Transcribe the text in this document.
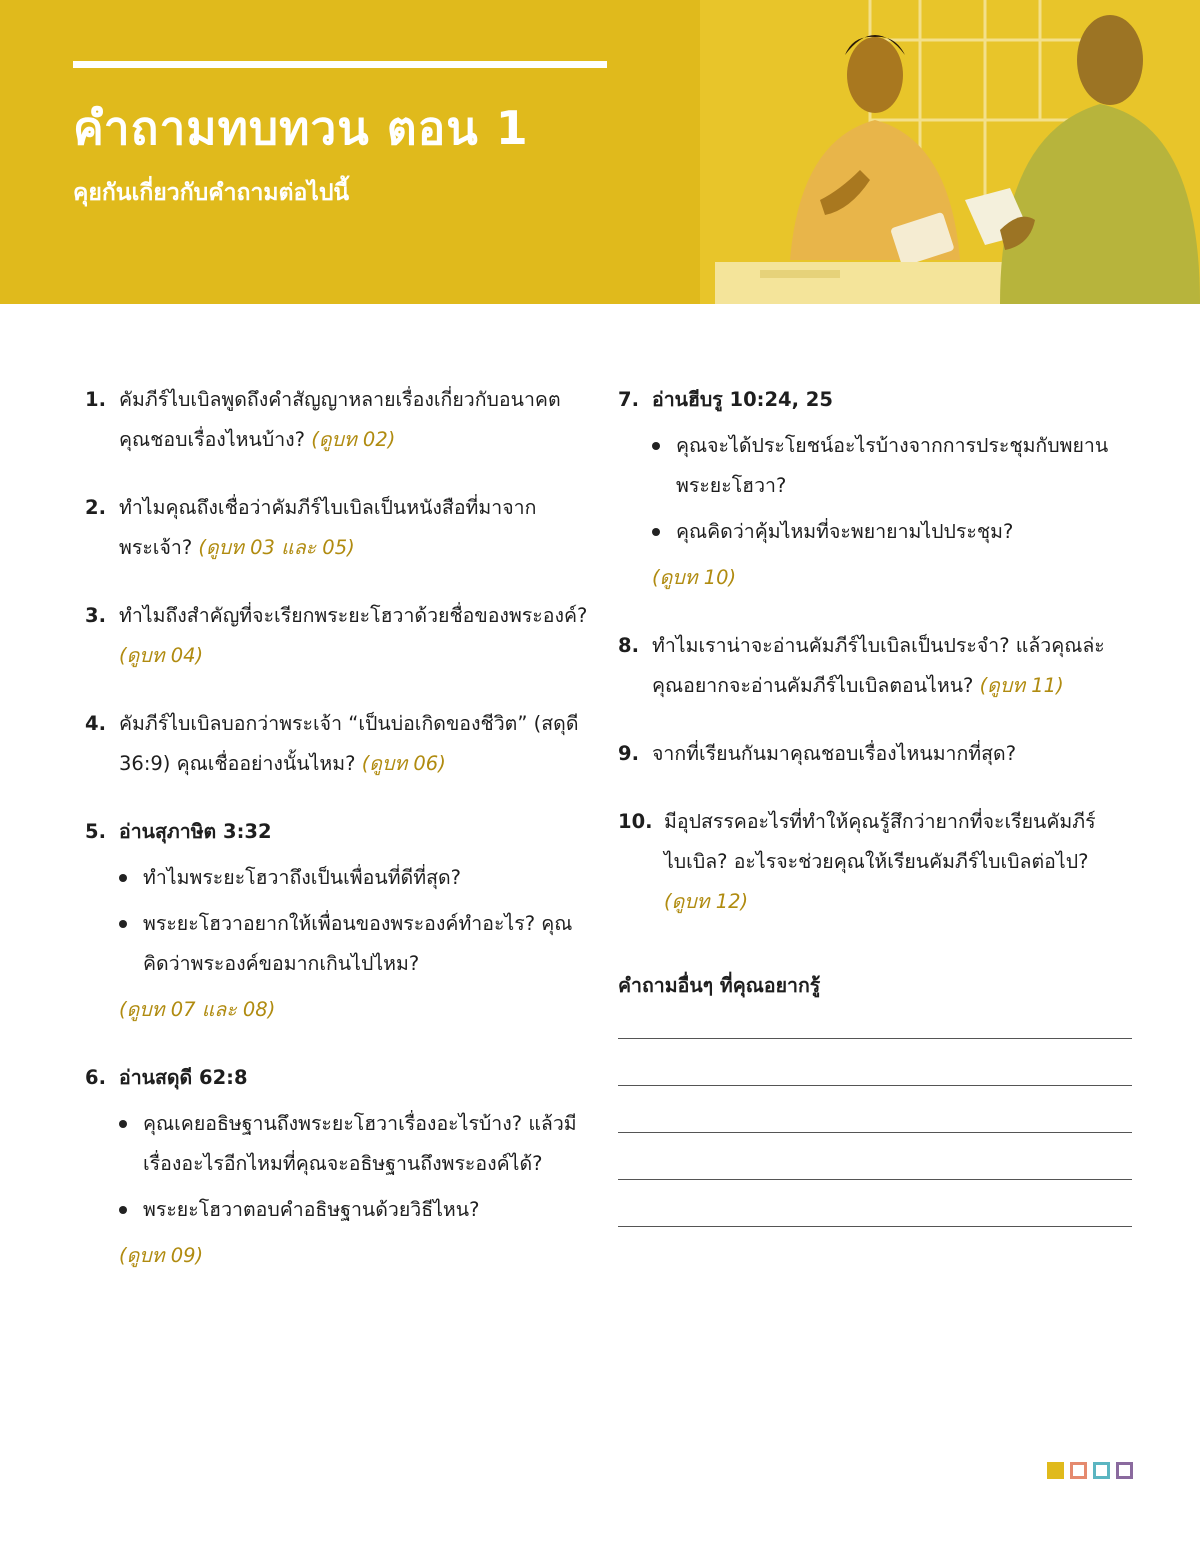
คำถามทบทวน ตอน 1
คุยกันเกี่ยวกับคำถามต่อไปนี้
1. คัมภีร์ไบเบิลพูดถึงคำสัญญาหลายเรื่องเกี่ยวกับอนาคต คุณชอบเรื่องไหนบ้าง? (ดูบท 02)
2. ทำไมคุณถึงเชื่อว่าคัมภีร์ไบเบิลเป็นหนังสือที่มาจากพระเจ้า? (ดูบท 03 และ 05)
3. ทำไมถึงสำคัญที่จะเรียกพระยะโฮวาด้วยชื่อของพระองค์? (ดูบท 04)
4. คัมภีร์ไบเบิลบอกว่าพระเจ้า “เป็นบ่อเกิดของชีวิต” (สดุดี 36:9) คุณเชื่ออย่างนั้นไหม? (ดูบท 06)
5. อ่านสุภาษิต 3:32
ทำไมพระยะโฮวาถึงเป็นเพื่อนที่ดีที่สุด?
พระยะโฮวาอยากให้เพื่อนของพระองค์ทำอะไร? คุณคิดว่าพระองค์ขอมากเกินไปไหม?
(ดูบท 07 และ 08)
6. อ่านสดุดี 62:8
คุณเคยอธิษฐานถึงพระยะโฮวาเรื่องอะไรบ้าง? แล้วมีเรื่องอะไรอีกไหมที่คุณจะอธิษฐานถึงพระองค์ได้?
พระยะโฮวาตอบคำอธิษฐานด้วยวิธีไหน?
(ดูบท 09)
7. อ่านฮีบรู 10:24, 25
คุณจะได้ประโยชน์อะไรบ้างจากการประชุมกับพยานพระยะโฮวา?
คุณคิดว่าคุ้มไหมที่จะพยายามไปประชุม?
(ดูบท 10)
8. ทำไมเราน่าจะอ่านคัมภีร์ไบเบิลเป็นประจำ? แล้วคุณล่ะ คุณอยากจะอ่านคัมภีร์ไบเบิลตอนไหน? (ดูบท 11)
9. จากที่เรียนกันมาคุณชอบเรื่องไหนมากที่สุด?
10. มีอุปสรรคอะไรที่ทำให้คุณรู้สึกว่ายากที่จะเรียนคัมภีร์ไบเบิล? อะไรจะช่วยคุณให้เรียนคัมภีร์ไบเบิลต่อไป? (ดูบท 12)
คำถามอื่นๆ ที่คุณอยากรู้
